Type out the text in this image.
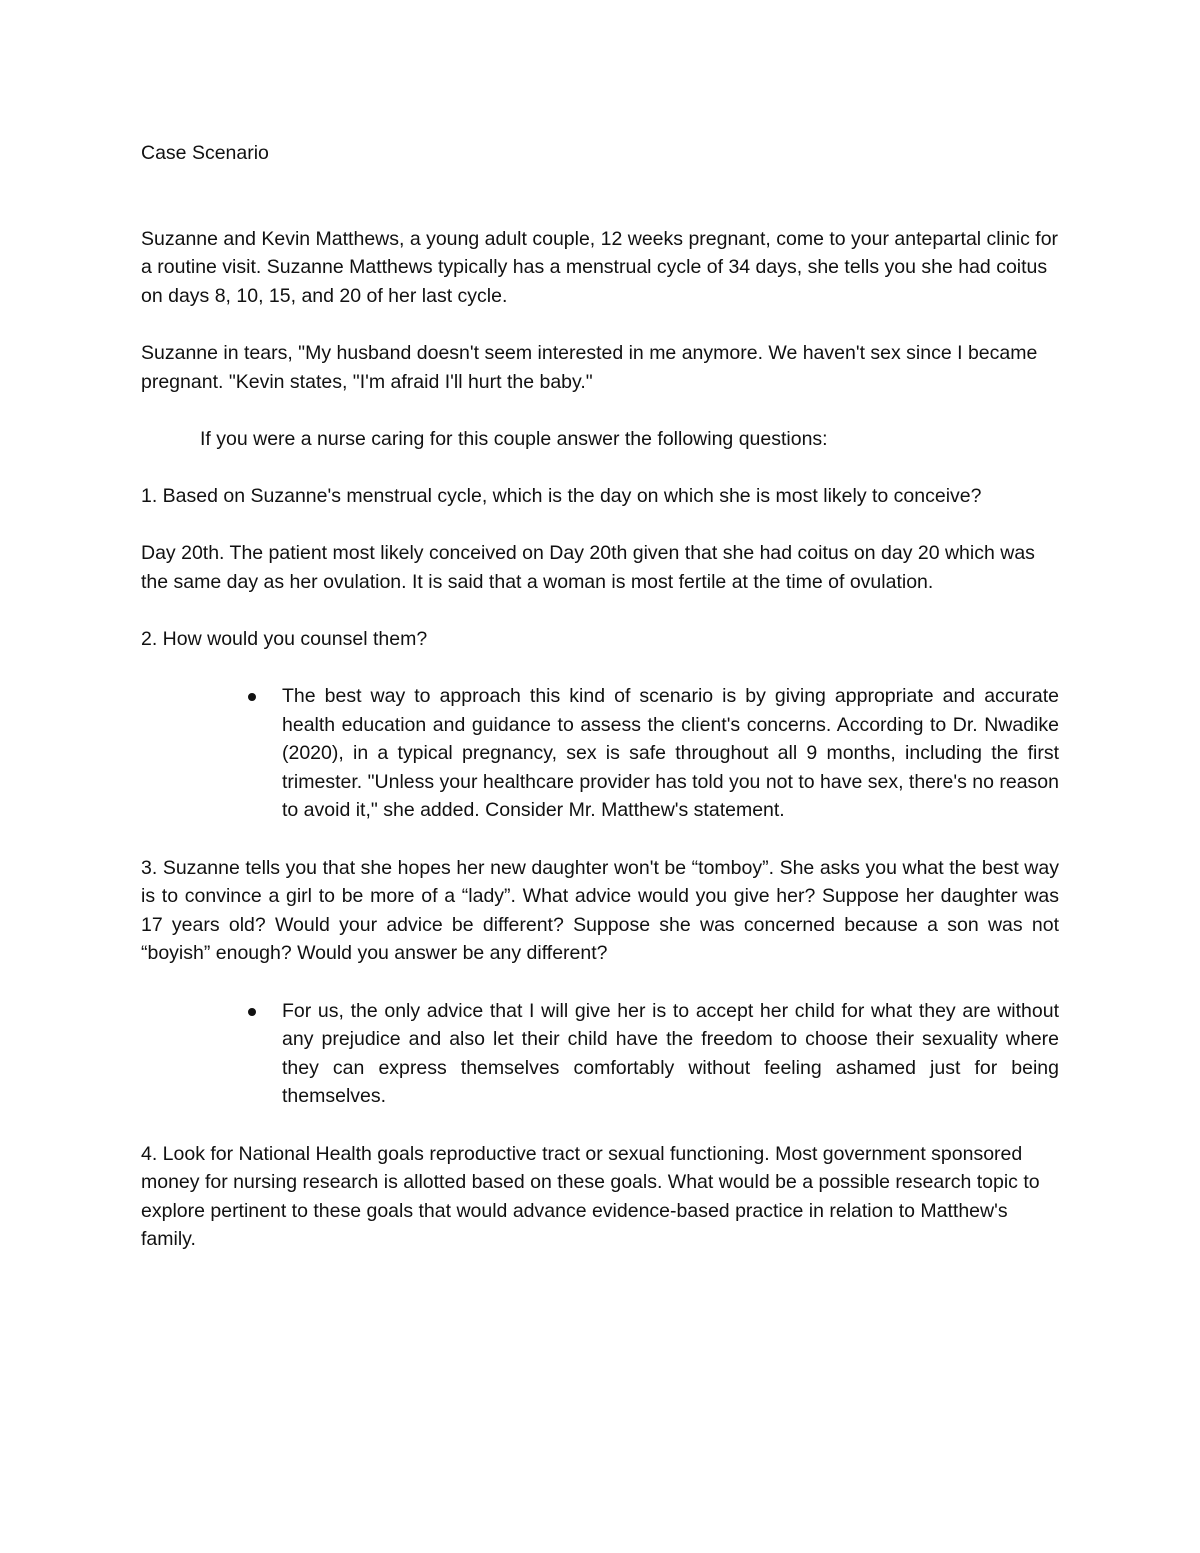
Case Scenario

Suzanne and Kevin Matthews, a young adult couple, 12 weeks pregnant, come to your antepartal clinic for a routine visit. Suzanne Matthews typically has a menstrual cycle of 34 days, she tells you she had coitus on days 8, 10, 15, and 20 of her last cycle.

Suzanne in tears, "My husband doesn't seem interested in me anymore. We haven't sex since I became pregnant. "Kevin states, "I'm afraid I'll hurt the baby."

If you were a nurse caring for this couple answer the following questions:

1. Based on Suzanne's menstrual cycle, which is the day on which she is most likely to conceive?

Day 20th. The patient most likely conceived on Day 20th given that she had coitus on day 20 which was the same day as her ovulation. It is said that a woman is most fertile at the time of ovulation.

2. How would you counsel them?

The best way to approach this kind of scenario is by giving appropriate and accurate health education and guidance to assess the client's concerns. According to Dr. Nwadike (2020), in a typical pregnancy, sex is safe throughout all 9 months, including the first trimester. "Unless your healthcare provider has told you not to have sex, there's no reason to avoid it," she added. Consider Mr. Matthew's statement.

3. Suzanne tells you that she hopes her new daughter won't be “tomboy”. She asks you what the best way is to convince a girl to be more of a “lady”. What advice would you give her? Suppose her daughter was 17 years old? Would your advice be different? Suppose she was concerned because a son was not “boyish” enough? Would you answer be any different?

For us, the only advice that I will give her is to accept her child for what they are without any prejudice and also let their child have the freedom to choose their sexuality where they can express themselves comfortably without feeling ashamed just for being themselves.

4. Look for National Health goals reproductive tract or sexual functioning. Most government sponsored money for nursing research is allotted based on these goals. What would be a possible research topic to explore pertinent to these goals that would advance evidence-based practice in relation to Matthew's family.
